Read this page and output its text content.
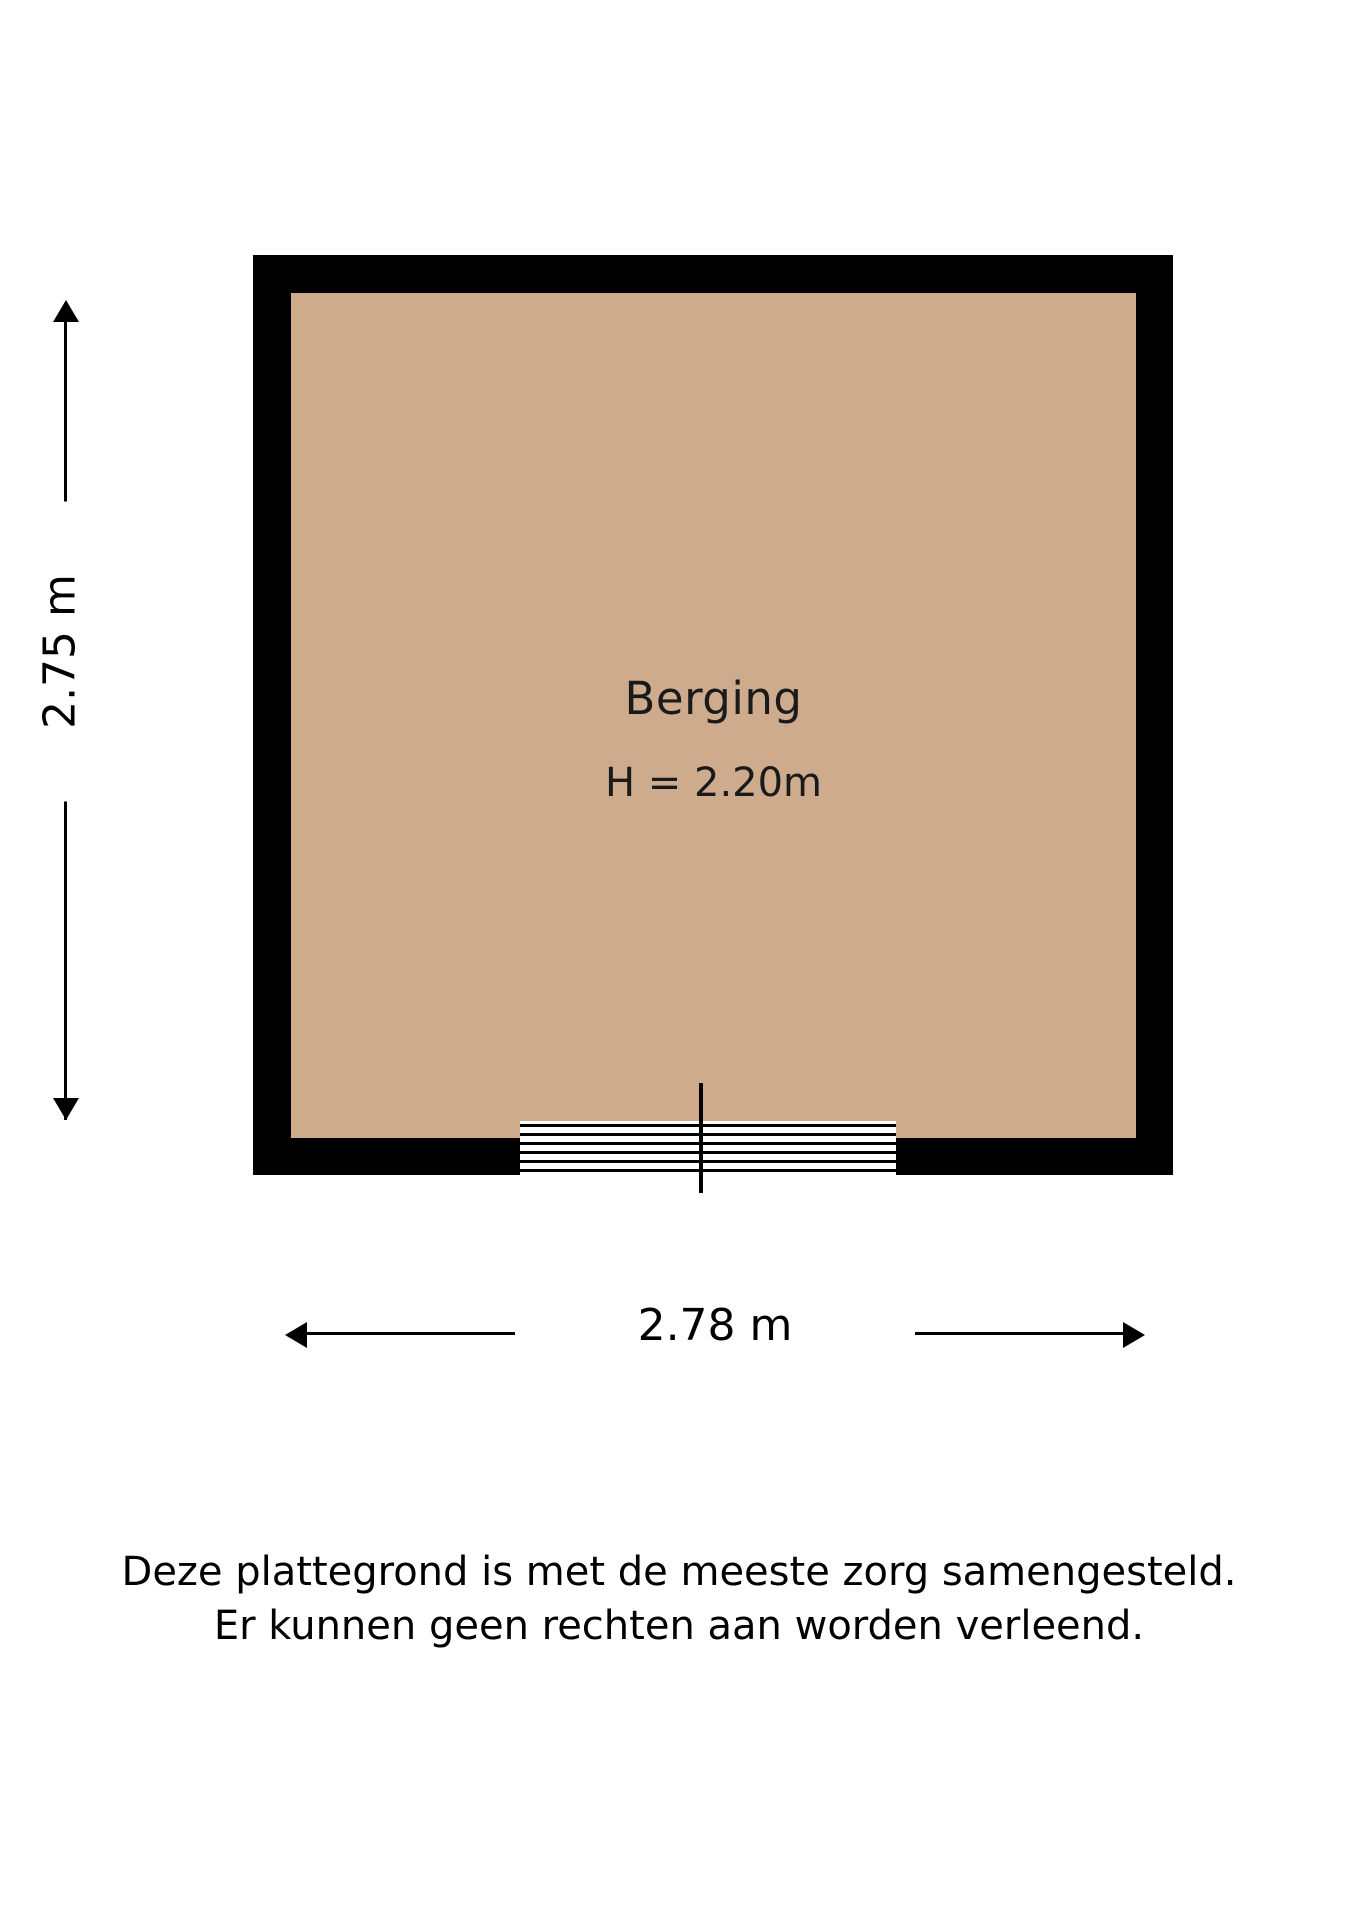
Berging
H = 2.20m
2.75 m
2.78 m
Deze plattegrond is met de meeste zorg samengesteld.
Er kunnen geen rechten aan worden verleend.
